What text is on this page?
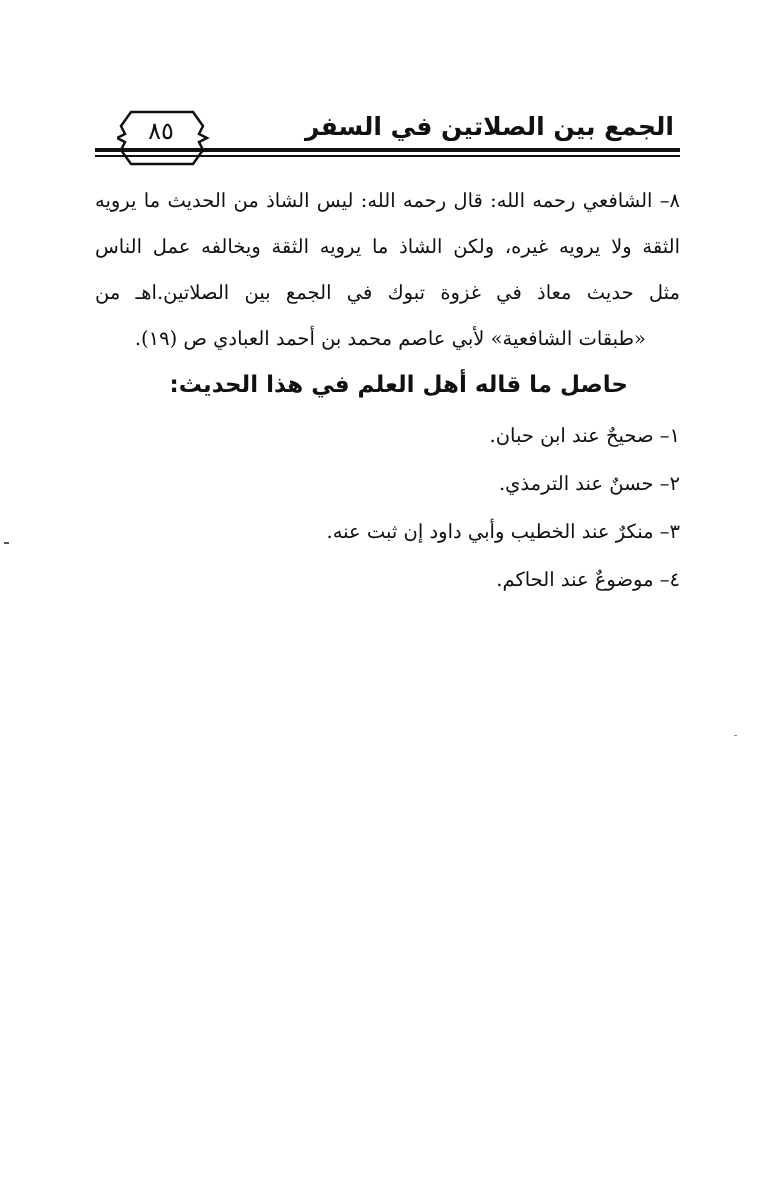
٨٥	الجمع بين الصلاتين في السفر

٨– الشافعي رحمه الله: قال رحمه الله: ليس الشاذ من الحديث ما يرويه
الثقة ولا يرويه غيره، ولكن الشاذ ما يرويه الثقة ويخالفه عمل الناس
مثل حديث معاذ في غزوة تبوك في الجمع بين الصلاتين.اهـ من
«طبقات الشافعية» لأبي عاصم محمد بن أحمد العبادي ص (١٩).

حاصل ما قاله أهل العلم في هذا الحديث:
١– صحيحٌ عند ابن حبان.
٢– حسنٌ عند الترمذي.
٣– منكرٌ عند الخطيب وأبي داود إن ثبت عنه.
٤– موضوعٌ عند الحاكم.
